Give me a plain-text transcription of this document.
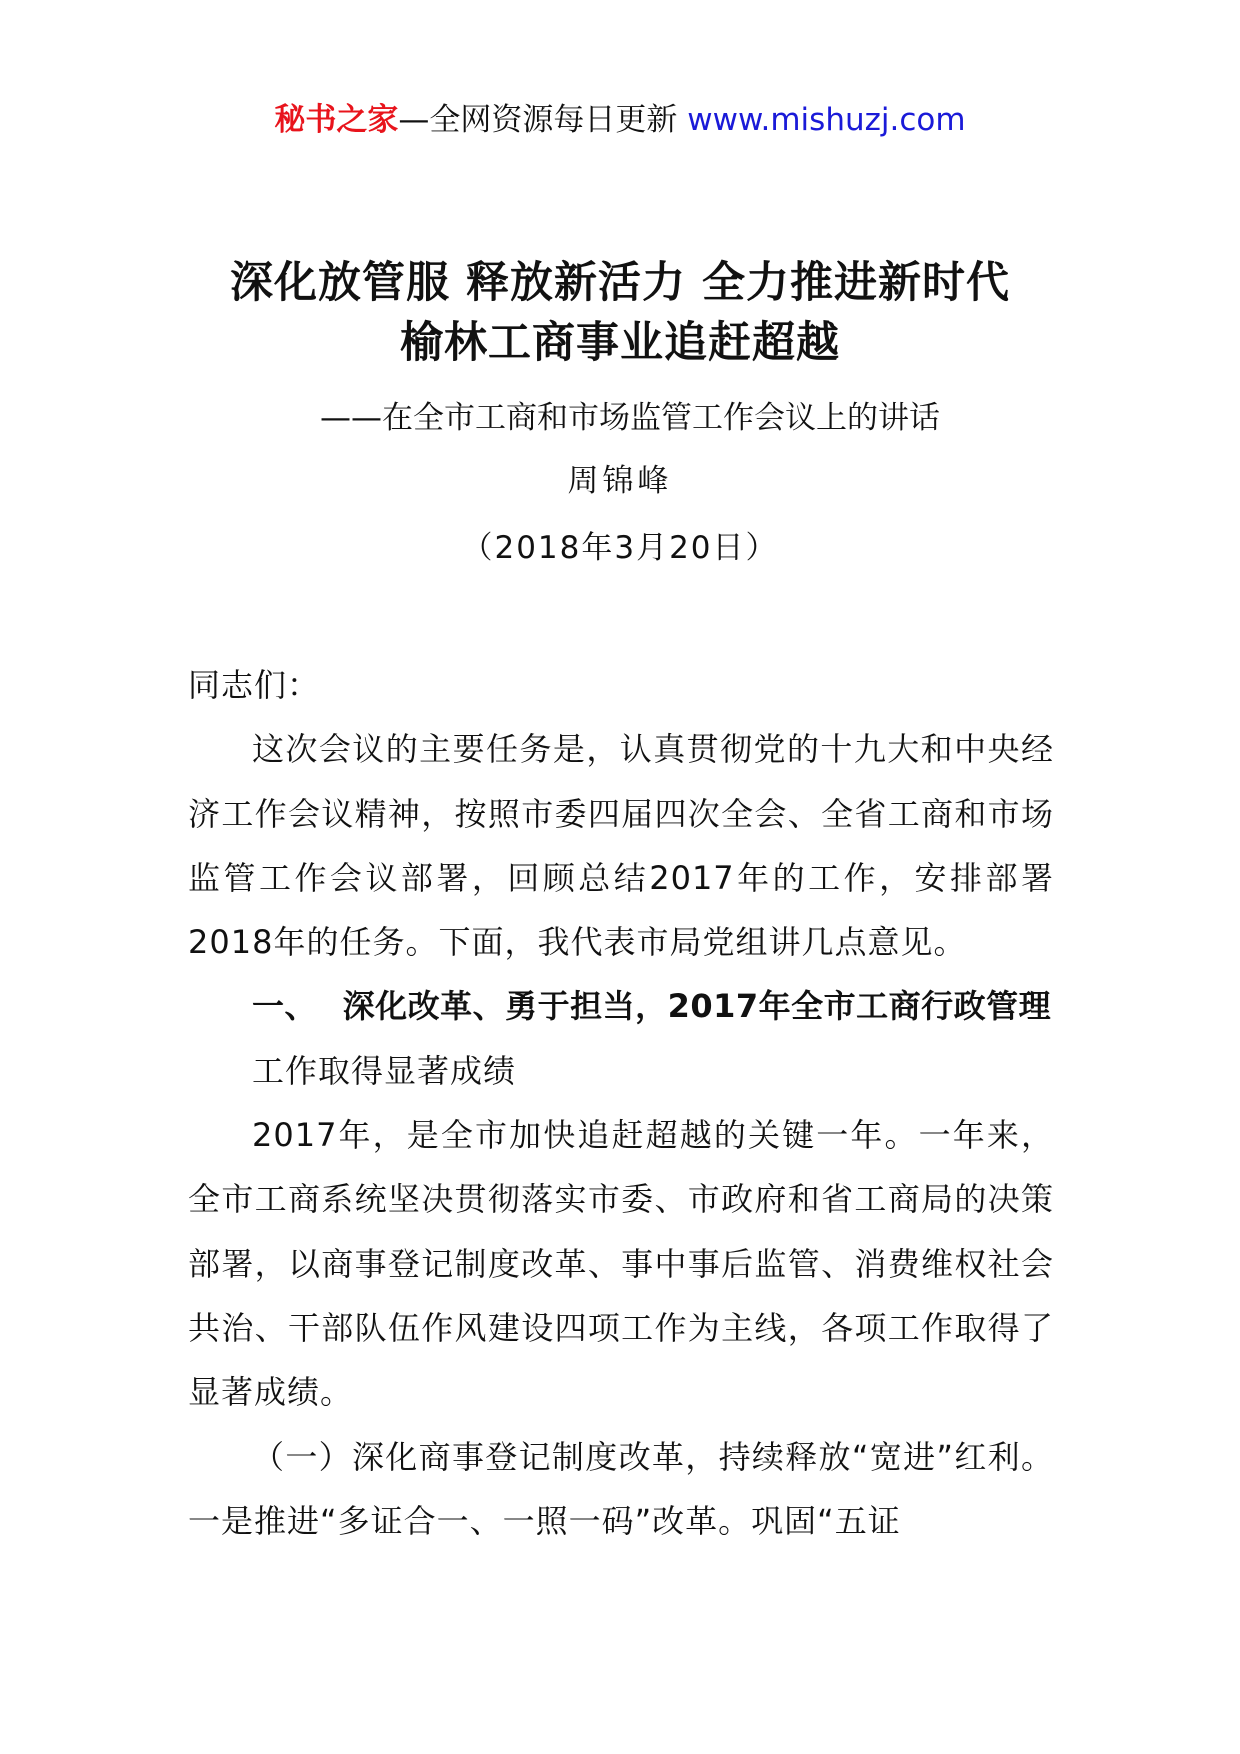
秘书之家—全网资源每日更新 www.mishuzj.com
深化放管服 释放新活力 全力推进新时代
榆林工商事业追赶超越
——在全市工商和市场监管工作会议上的讲话
周锦峰
（2018年3月20日）

同志们：

这次会议的主要任务是，认真贯彻党的十九大和中央经济工作会议精神，按照市委四届四次全会、全省工商和市场监管工作会议部署，回顾总结2017年的工作，安排部署2018年的任务。下面，我代表市局党组讲几点意见。

一、 深化改革、勇于担当，2017年全市工商行政管理

工作取得显著成绩

2017年，是全市加快追赶超越的关键一年。一年来，全市工商系统坚决贯彻落实市委、市政府和省工商局的决策部署，以商事登记制度改革、事中事后监管、消费维权社会共治、干部队伍作风建设四项工作为主线，各项工作取得了显著成绩。

（一）深化商事登记制度改革，持续释放“宽进”红利。一是推进“多证合一、一照一码”改革。巩固“五证
